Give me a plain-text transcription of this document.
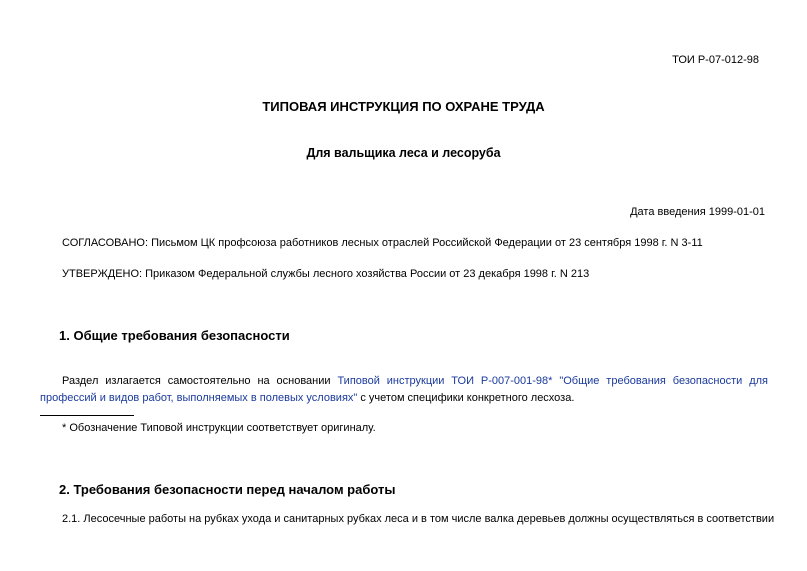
ТОИ Р-07-012-98
ТИПОВАЯ ИНСТРУКЦИЯ ПО ОХРАНЕ ТРУДА
Для вальщика леса и лесоруба
Дата введения 1999-01-01
СОГЛАСОВАНО: Письмом ЦК профсоюза работников лесных отраслей Российской Федерации от 23 сентября 1998 г. N 3-11
УТВЕРЖДЕНО: Приказом Федеральной службы лесного хозяйства России от 23 декабря 1998 г. N 213
1. Общие требования безопасности
Раздел излагается самостоятельно на основании Типовой инструкции ТОИ Р-007-001-98* "Общие требования безопасности для профессий и видов работ, выполняемых в полевых условиях" с учетом специфики конкретного лесхоза.
* Обозначение Типовой инструкции соответствует оригиналу.
2. Требования безопасности перед началом работы
2.1. Лесосечные работы на рубках ухода и санитарных рубках леса и в том числе валка деревьев должны осуществляться в соответствии
